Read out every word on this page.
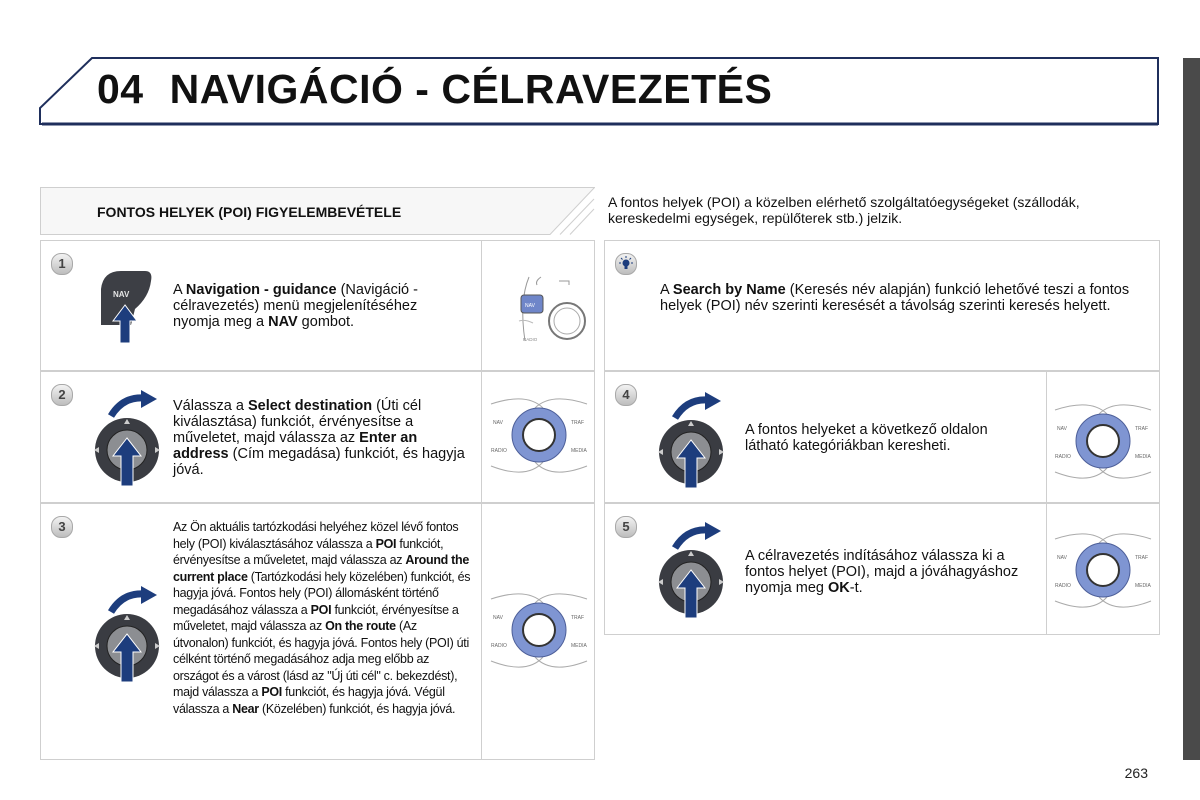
04 NAVIGÁCIÓ - CÉLRAVEZETÉS
FONTOS HELYEK (POI) FIGYELEMBEVÉTELE
A fontos helyek (POI) a közelben elérhető szolgáltatóegységeket (szállodák, kereskedelmi egységek, repülőterek stb.) jelzik.
1
NAV	A Navigation - guidance (Navigáció - célravezetés) menü megjelenítéséhez nyomja meg a NAV gombot.
NAV
RADIO
2
Válassza a Select destination (Úti cél kiválasztása) funkciót, érvényesítse a műveletet, majd válassza az Enter an address (Cím megadása) funkciót, és hagyja jóvá.
NAV	TRAF
RADIO	MEDIA
3	Az Ön aktuális tartózkodási helyéhez közel lévő fontos hely (POI) kiválasztásához válassza a POI funkciót, érvényesítse a műveletet, majd válassza az Around the current place (Tartózkodási hely közelében) funkciót, és hagyja jóvá. Fontos hely (POI) állomásként történő megadásához válassza a POI funkciót, érvényesítse a műveletet, majd válassza az On the route (Az útvonalon) funkciót, és hagyja jóvá. Fontos hely (POI) úti célként történő megadásához adja meg előbb az országot és a várost (lásd az "Új úti cél" c. bekezdést), majd válassza a POI funkciót, és hagyja jóvá. Végül válassza a Near (Közelében) funkciót, és hagyja jóvá.
NAV	TRAF
RADIO	MEDIA
A Search by Name (Keresés név alapján) funkció lehetővé teszi a fontos helyek (POI) név szerinti keresését a távolság szerinti keresés helyett.
4
A fontos helyeket a következő oldalon látható kategóriákban keresheti.
NAV	TRAF
RADIO	MEDIA
5
A célravezetés indításához válassza ki a fontos helyet (POI), majd a jóváhagyáshoz nyomja meg OK-t.
NAV	TRAF
RADIO	MEDIA
263
